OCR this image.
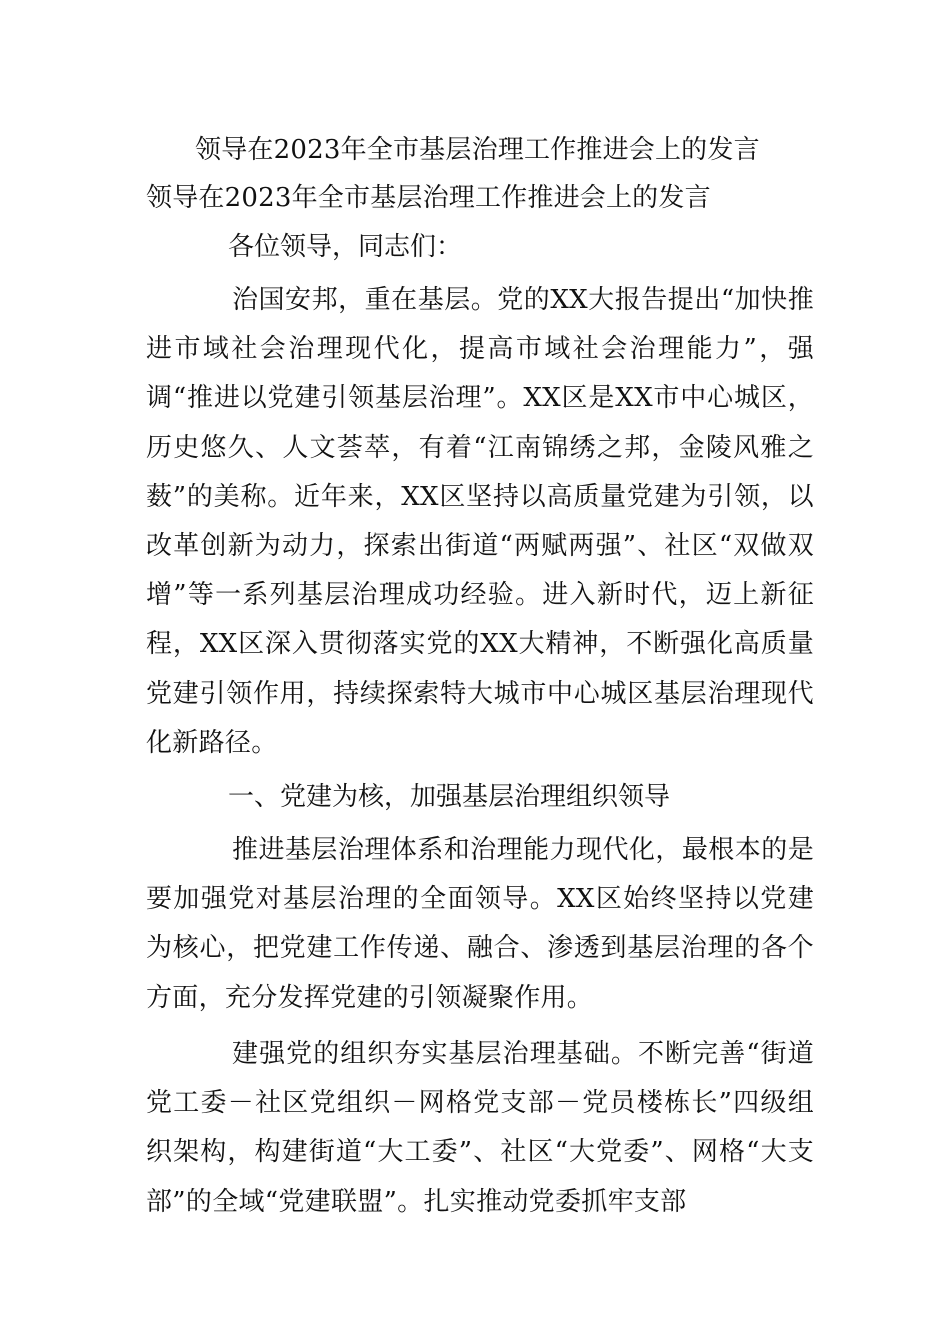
领导在2023年全市基层治理工作推进会上的发言
领导在2023年全市基层治理工作推进会上的发言
各位领导，同志们：

治国安邦，重在基层。党的XX大报告提出“加快推进市域社会治理现代化，提高市域社会治理能力”，强调“推进以党建引领基层治理”。XX区是XX市中心城区，历史悠久、人文荟萃，有着“江南锦绣之邦，金陵风雅之薮”的美称。近年来，XX区坚持以高质量党建为引领，以改革创新为动力，探索出街道“两赋两强”、社区“双做双增”等一系列基层治理成功经验。进入新时代，迈上新征程，XX区深入贯彻落实党的XX大精神，不断强化高质量党建引领作用，持续探索特大城市中心城区基层治理现代化新路径。

一、党建为核，加强基层治理组织领导

推进基层治理体系和治理能力现代化，最根本的是要加强党对基层治理的全面领导。XX区始终坚持以党建为核心，把党建工作传递、融合、渗透到基层治理的各个方面，充分发挥党建的引领凝聚作用。

建强党的组织夯实基层治理基础。不断完善“街道党工委－社区党组织－网格党支部－党员楼栋长”四级组织架构，构建街道“大工委”、社区“大党委”、网格“大支部”的全域“党建联盟”。扎实推动党委抓牢支部
